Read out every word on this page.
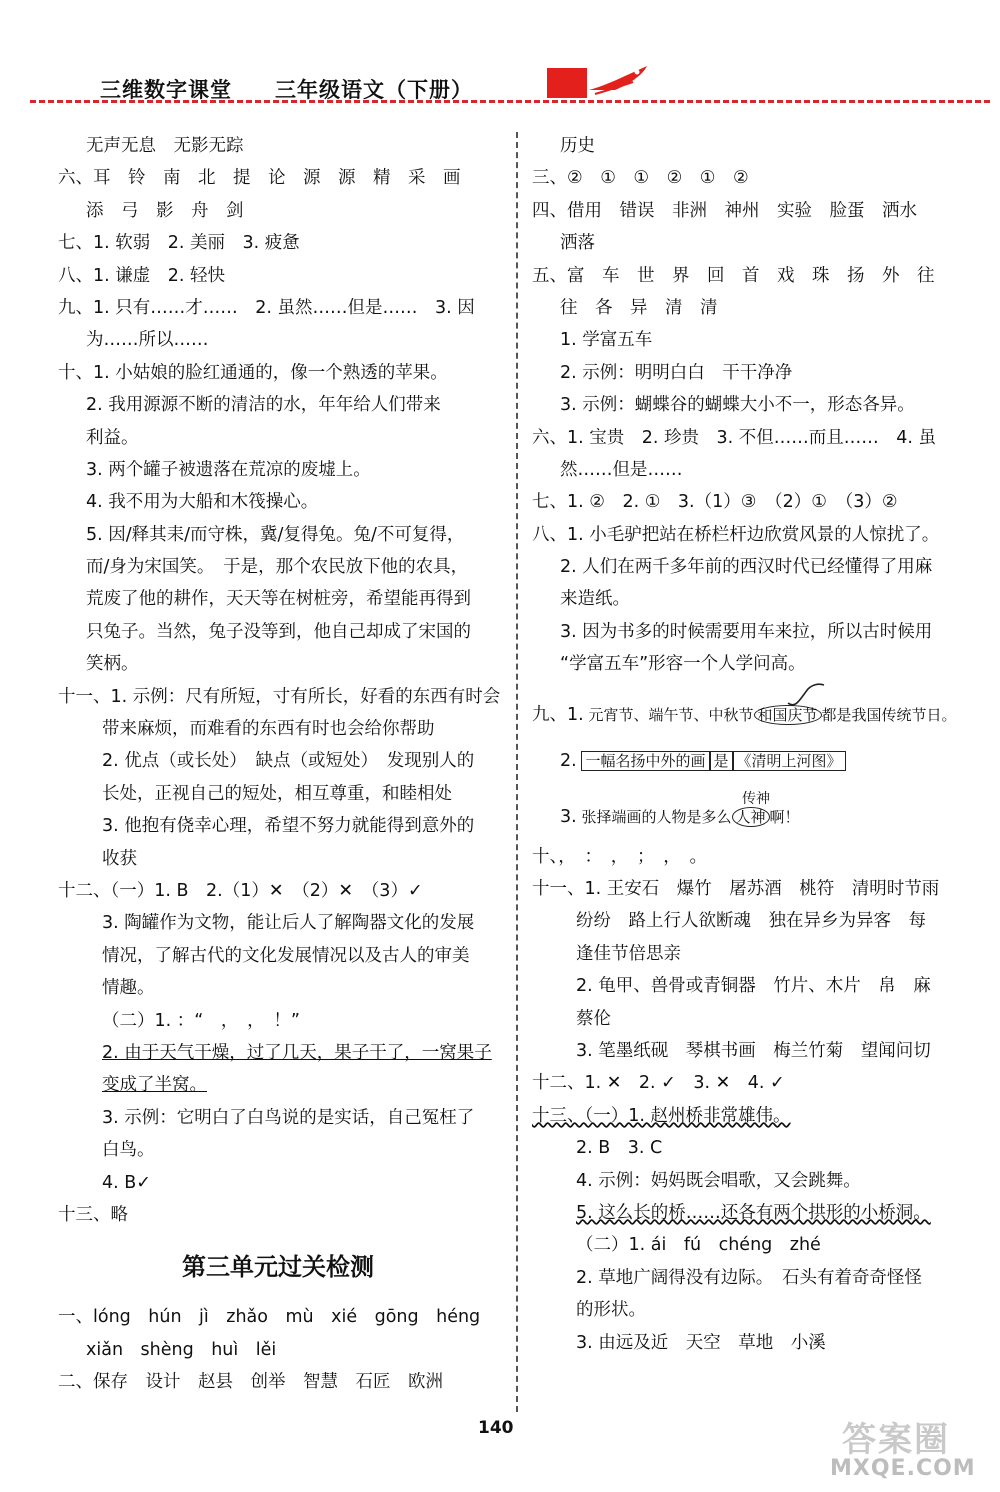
三维数字课堂 三年级语文（下册）
无声无息　无影无踪
六、耳　铃　南　北　提　论　源　源　精　采　画
添　弓　影　舟　剑
七、1. 软弱　2. 美丽　3. 疲惫
八、1. 谦虚　2. 轻快
九、1. 只有……才……　2. 虽然……但是……　3. 因
为……所以……
十、1. 小姑娘的脸红通通的，像一个熟透的苹果。
2. 我用源源不断的清洁的水，年年给人们带来
利益。
3. 两个罐子被遗落在荒凉的废墟上。
4. 我不用为大船和木筏操心。
5. 因/释其耒/而守株，冀/复得兔。兔/不可复得，
而/身为宋国笑。　于是，那个农民放下他的农具，
荒废了他的耕作，天天等在树桩旁，希望能再得到
只兔子。当然，兔子没等到，他自己却成了宋国的
笑柄。
十一、1. 示例：尺有所短，寸有所长，好看的东西有时会
带来麻烦，而难看的东西有时也会给你帮助
2. 优点（或长处）　缺点（或短处）　发现别人的
长处，正视自己的短处，相互尊重，和睦相处
3. 他抱有侥幸心理，希望不努力就能得到意外的
收获
十二、（一）1. B　2.（1）✕　（2）✕　（3）✓
3. 陶罐作为文物，能让后人了解陶器文化的发展
情况，了解古代的文化发展情况以及古人的审美
情趣。
（二）1. ：“　，　，　！”
2. 由于天气干燥，过了几天，果子干了，一窝果子
变成了半窝。
3. 示例：它明白了白鸟说的是实话，自己冤枉了
白鸟。
4. B✓
十三、略
第三单元过关检测
一、lóng　hún　jì　zhǎo　mù　xié　gōng　héng
xiǎn　shèng　huì　lěi
二、保存　设计　赵县　创举　智慧　石匠　欧洲
历史
三、②　①　①　②　①　②
四、借用　错误　非洲　神州　实验　脸蛋　洒水
洒落
五、富　车　世　界　回　首　戏　珠　扬　外　往
往　各　异　清　清
1. 学富五车
2. 示例：明明白白　干干净净
3. 示例：蝴蝶谷的蝴蝶大小不一，形态各异。
六、1. 宝贵　2. 珍贵　3. 不但……而且……　4. 虽
然……但是……
七、1. ②　2. ①　3.（1）③　（2）①　（3）②
八、1. 小毛驴把站在桥栏杆边欣赏风景的人惊扰了。
2. 人们在两千多年前的西汉时代已经懂得了用麻
来造纸。
3. 因为书多的时候需要用车来拉，所以古时候用
“学富五车”形容一个人学问高。
九、1. 元宵节、端午节、中秋节 和国庆节 都是我国传统节日。
2. 一幅名扬中外的画 是 《清明上河图》
传神
3. 张择端画的人物是多么 人神 啊！
十、，　：　，　；　，　。
十一、1. 王安石　爆竹　屠苏酒　桃符　清明时节雨
纷纷　路上行人欲断魂　独在异乡为异客　每
逢佳节倍思亲
2. 龟甲、兽骨或青铜器　竹片、木片　帛　麻
蔡伦
3. 笔墨纸砚　琴棋书画　梅兰竹菊　望闻问切
十二、1. ✕　2. ✓　3. ✕　4. ✓
十三、（一）1. 赵州桥非常雄伟。
2. B　3. C
4. 示例：妈妈既会唱歌，又会跳舞。
5. 这么长的桥……还各有两个拱形的小桥洞。
（二）1. ái　fú　chéng　zhé
2. 草地广阔得没有边际。　石头有着奇奇怪怪
的形状。
3. 由远及近　天空　草地　小溪
140	答案圈
MXQE.COM
